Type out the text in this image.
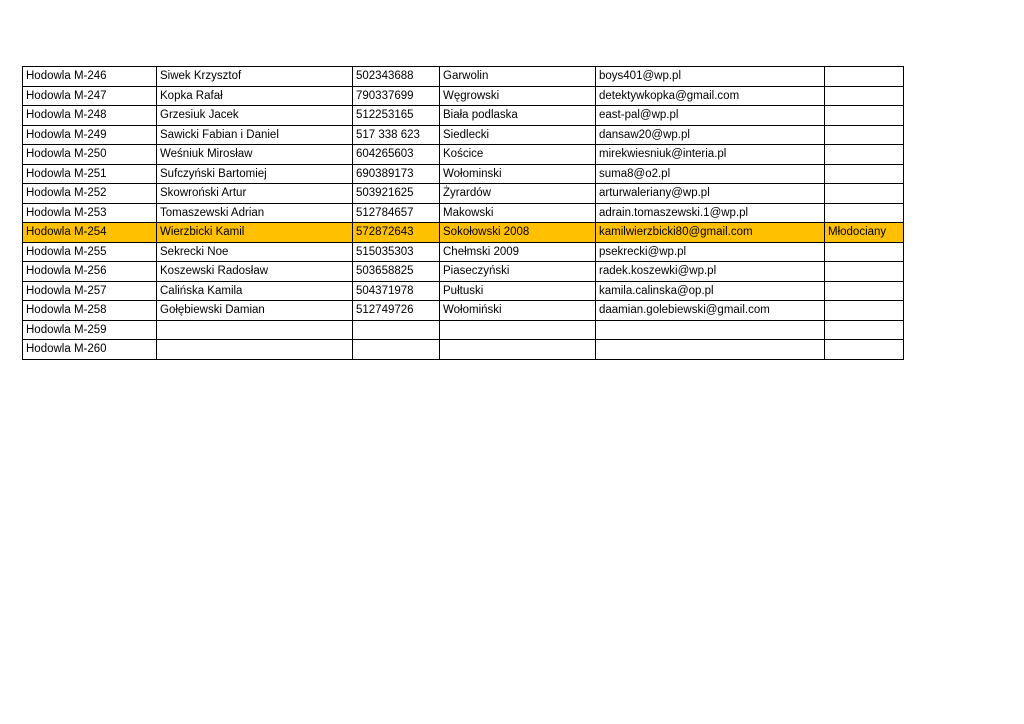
Hodowla M-246	Siwek Krzysztof	502343688	Garwolin	boys401@wp.pl	
Hodowla M-247	Kopka Rafał	790337699	Węgrowski	detektywkopka@gmail.com	
Hodowla M-248	Grzesiuk Jacek	512253165	Biała podlaska	east-pal@wp.pl	
Hodowla M-249	Sawicki Fabian i Daniel	517 338 623	Siedlecki	dansaw20@wp.pl	
Hodowla M-250	Weśniuk Mirosław	604265603	Kościce	mirekwiesniuk@interia.pl	
Hodowla M-251	Sufczyński Bartomiej	690389173	Wołominski	suma8@o2.pl	
Hodowla M-252	Skowroński Artur	503921625	Żyrardów	arturwaleriany@wp.pl	
Hodowla M-253	Tomaszewski Adrian	512784657	Makowski	adrain.tomaszewski.1@wp.pl	
Hodowla M-254	Wierzbicki Kamil	572872643	Sokołowski 2008	kamilwierzbicki80@gmail.com	Młodociany
Hodowla M-255	Sekrecki Noe	515035303	Chełmski 2009	psekrecki@wp.pl	
Hodowla M-256	Koszewski Radosław	503658825	Piaseczyński	radek.koszewki@wp.pl	
Hodowla M-257	Calińska Kamila	504371978	Pułtuski	kamila.calinska@op.pl	
Hodowla M-258	Gołębiewski Damian	512749726	Wołomiński	daamian.golebiewski@gmail.com	
Hodowla M-259					
Hodowla M-260					
